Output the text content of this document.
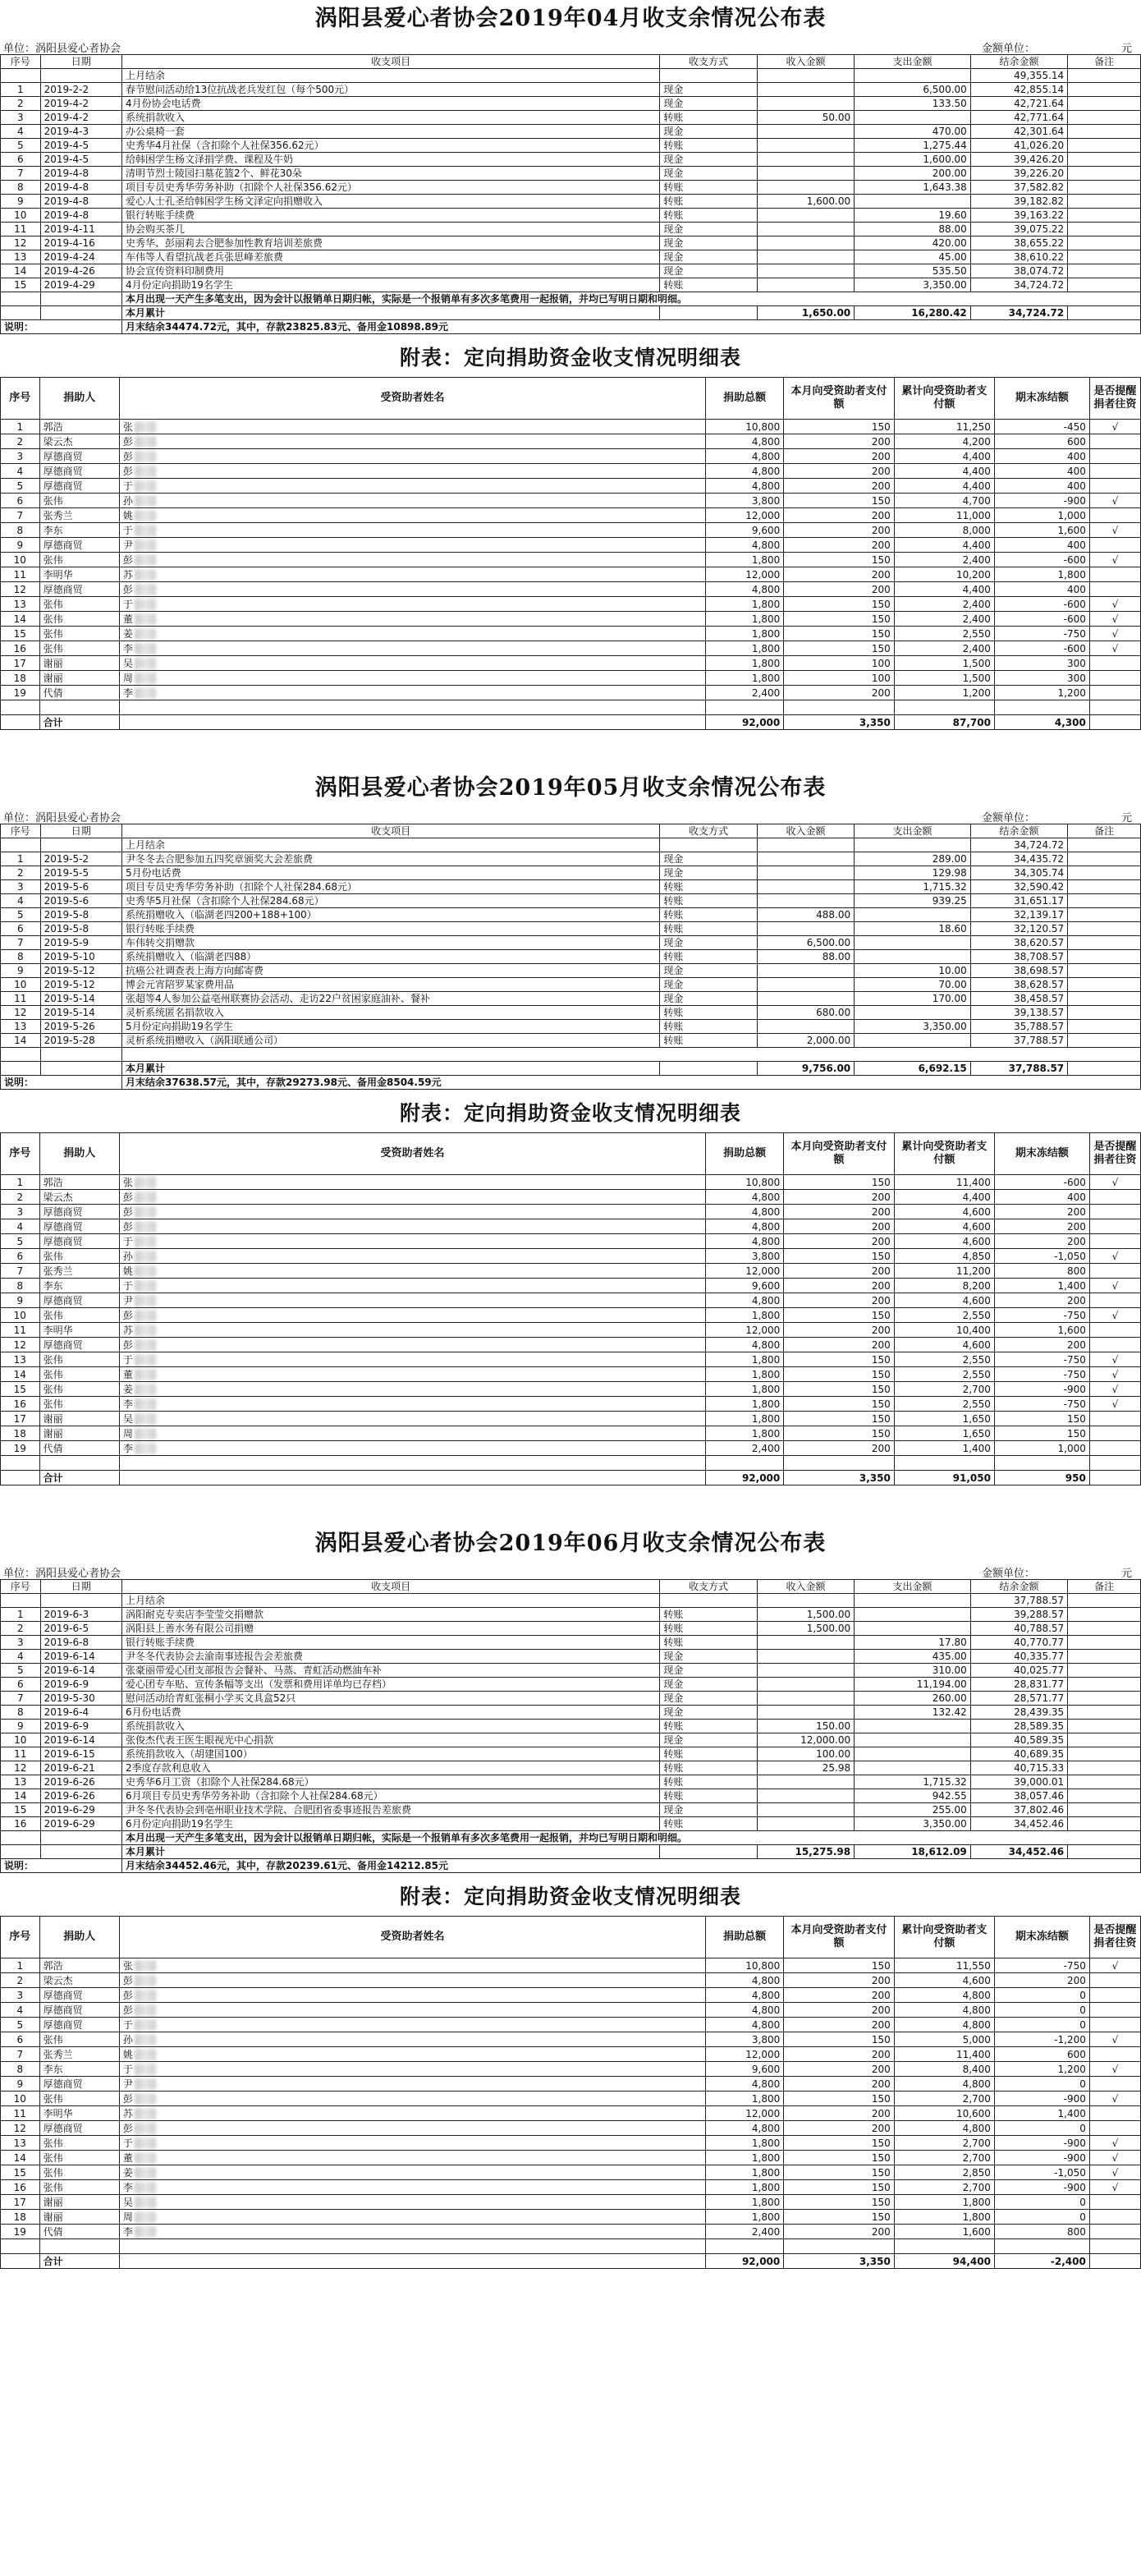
涡阳县爱心者协会2019年04月收支余情况公布表
单位：涡阳县爱心者协会	金额单位：	元
序号	日期	收支项目	收支方式	收入金额	支出金额	结余金额	备注
		上月结余				49,355.14	
1	2019-2-2	春节慰问活动给13位抗战老兵发红包（每个500元）	现金		6,500.00	42,855.14	
2	2019-4-2	4月份协会电话费	现金		133.50	42,721.64	
3	2019-4-2	系统捐款收入	转账	50.00		42,771.64	
4	2019-4-3	办公桌椅一套	现金		470.00	42,301.64	
5	2019-4-5	史秀华4月社保（含扣除个人社保356.62元）	转账		1,275.44	41,026.20	
6	2019-4-5	给韩困学生杨文泽捐学费、课程及牛奶	现金		1,600.00	39,426.20	
7	2019-4-8	清明节烈士陵园扫墓花篮2个、鲜花30朵	现金		200.00	39,226.20	
8	2019-4-8	项目专员史秀华劳务补助（扣除个人社保356.62元）	转账		1,643.38	37,582.82	
9	2019-4-8	爱心人士孔圣给韩困学生杨文泽定向捐赠收入	转账	1,600.00		39,182.82	
10	2019-4-8	银行转账手续费	转账		19.60	39,163.22	
11	2019-4-11	协会购买茶几	现金		88.00	39,075.22	
12	2019-4-16	史秀华、彭丽莉去合肥参加性教育培训差旅费	现金		420.00	38,655.22	
13	2019-4-24	车伟等人看望抗战老兵张思峰差旅费	现金		45.00	38,610.22	
14	2019-4-26	协会宣传资料印制费用	现金		535.50	38,074.72	
15	2019-4-29	4月份定向捐助19名学生	转账		3,350.00	34,724.72	
		本月出现一天产生多笔支出，因为会计以报销单日期归帐，实际是一个报销单有多次多笔费用一起报销，并均已写明日期和明细。					
		本月累计		1,650.00	16,280.42	34,724.72	
说明：		月末结余34474.72元，其中，存款23825.83元、备用金10898.89元					
附表：定向捐助资金收支情况明细表
序号	捐助人	受资助者姓名	捐助总额	本月向受资助者支付额	累计向受资助者支付额	期末冻结额	是否提醒捐者往资
1	郭浩	张	10,800	150	11,250	-450	√
2	梁云杰	彭	4,800	200	4,200	600	
3	厚德商贸	彭	4,800	200	4,400	400	
4	厚德商贸	彭	4,800	200	4,400	400	
5	厚德商贸	于	4,800	200	4,400	400	
6	张伟	孙	3,800	150	4,700	-900	√
7	张秀兰	姚	12,000	200	11,000	1,000	
8	李东	于	9,600	200	8,000	1,600	√
9	厚德商贸	尹	4,800	200	4,400	400	
10	张伟	彭	1,800	150	2,400	-600	√
11	李明华	苏	12,000	200	10,200	1,800	
12	厚德商贸	彭	4,800	200	4,400	400	
13	张伟	于	1,800	150	2,400	-600	√
14	张伟	董	1,800	150	2,400	-600	√
15	张伟	姜	1,800	150	2,550	-750	√
16	张伟	李	1,800	150	2,400	-600	√
17	谢丽	吴	1,800	100	1,500	300	
18	谢丽	周	1,800	100	1,500	300	
19	代倩	李	2,400	200	1,200	1,200	

	合计		92,000	3,350	87,700	4,300	
涡阳县爱心者协会2019年05月收支余情况公布表
单位：涡阳县爱心者协会	金额单位：	元
序号	日期	收支项目	收支方式	收入金额	支出金额	结余金额	备注
		上月结余				34,724.72	
1	2019-5-2	尹冬冬去合肥参加五四奖章颁奖大会差旅费	现金		289.00	34,435.72	
2	2019-5-5	5月份电话费	现金		129.98	34,305.74	
3	2019-5-6	项目专员史秀华劳务补助（扣除个人社保284.68元）	转账		1,715.32	32,590.42	
4	2019-5-6	史秀华5月社保（含扣除个人社保284.68元）	转账		939.25	31,651.17	
5	2019-5-8	系统捐赠收入（临湖老四200+188+100）	转账	488.00		32,139.17	
6	2019-5-8	银行转账手续费	转账		18.60	32,120.57	
7	2019-5-9	车伟转交捐赠款	现金	6,500.00		38,620.57	
8	2019-5-10	系统捐赠收入（临湖老四88）	转账	88.00		38,708.57	
9	2019-5-12	抗癌公社调查表上海方向邮寄费	现金		10.00	38,698.57	
10	2019-5-12	博会元宵陪罗某家费用品	现金		70.00	38,628.57	
11	2019-5-14	张超等4人参加公益亳州联赛协会活动、走访22户贫困家庭油补、餐补	现金		170.00	38,458.57	
12	2019-5-14	灵析系统匿名捐款收入	转账	680.00		39,138.57	
13	2019-5-26	5月份定向捐助19名学生	转账		3,350.00	35,788.57	
14	2019-5-28	灵析系统捐赠收入（涡阳联通公司）	转账	2,000.00		37,788.57	

		本月累计		9,756.00	6,692.15	37,788.57	
说明：		月末结余37638.57元，其中，存款29273.98元、备用金8504.59元					
附表：定向捐助资金收支情况明细表
序号	捐助人	受资助者姓名	捐助总额	本月向受资助者支付额	累计向受资助者支付额	期末冻结额	是否提醒捐者往资
1	郭浩	张	10,800	150	11,400	-600	√
2	梁云杰	彭	4,800	200	4,400	400	
3	厚德商贸	彭	4,800	200	4,600	200	
4	厚德商贸	彭	4,800	200	4,600	200	
5	厚德商贸	于	4,800	200	4,600	200	
6	张伟	孙	3,800	150	4,850	-1,050	√
7	张秀兰	姚	12,000	200	11,200	800	
8	李东	于	9,600	200	8,200	1,400	√
9	厚德商贸	尹	4,800	200	4,600	200	
10	张伟	彭	1,800	150	2,550	-750	√
11	李明华	苏	12,000	200	10,400	1,600	
12	厚德商贸	彭	4,800	200	4,600	200	
13	张伟	于	1,800	150	2,550	-750	√
14	张伟	董	1,800	150	2,550	-750	√
15	张伟	姜	1,800	150	2,700	-900	√
16	张伟	李	1,800	150	2,550	-750	√
17	谢丽	吴	1,800	150	1,650	150	
18	谢丽	周	1,800	150	1,650	150	
19	代倩	李	2,400	200	1,400	1,000	

	合计		92,000	3,350	91,050	950	
涡阳县爱心者协会2019年06月收支余情况公布表
单位：涡阳县爱心者协会	金额单位：	元
序号	日期	收支项目	收支方式	收入金额	支出金额	结余金额	备注
		上月结余				37,788.57	
1	2019-6-3	涡阳耐克专卖店李莹莹交捐赠款	转账	1,500.00		39,288.57	
2	2019-6-5	涡阳县上善水务有限公司捐赠	转账	1,500.00		40,788.57	
3	2019-6-8	银行转账手续费	转账		17.80	40,770.77	
4	2019-6-14	尹冬冬代表协会去渝南事迹报告会差旅费	现金		435.00	40,335.77	
5	2019-6-14	张豪丽带爱心团支部报告会餐补、马蒸、青虹活动燃油车补	现金		310.00	40,025.77	
6	2019-6-9	爱心团专车贴、宣传条幅等支出（发票和费用详单均已存档）	现金		11,194.00	28,831.77	
7	2019-5-30	慰问活动给青虹张桐小学买文具盒52只	现金		260.00	28,571.77	
8	2019-6-4	6月份电话费	现金		132.42	28,439.35	
9	2019-6-9	系统捐款收入	转账	150.00		28,589.35	
10	2019-6-14	张俊杰代表王医生眼视光中心捐款	现金	12,000.00		40,589.35	
11	2019-6-15	系统捐款收入（胡建国100）	转账	100.00		40,689.35	
12	2019-6-21	2季度存款利息收入	转账	25.98		40,715.33	
13	2019-6-26	史秀华6月工资（扣除个人社保284.68元）	转账		1,715.32	39,000.01	
14	2019-6-26	6月项目专员史秀华劳务补助（含扣除个人社保284.68元）	转账		942.55	38,057.46	
15	2019-6-29	尹冬冬代表协会到亳州职业技术学院、合肥团省委事迹报告差旅费	现金		255.00	37,802.46	
16	2019-6-29	6月份定向捐助19名学生	转账		3,350.00	34,452.46	
		本月出现一天产生多笔支出，因为会计以报销单日期归帐，实际是一个报销单有多次多笔费用一起报销，并均已写明日期和明细。					
		本月累计		15,275.98	18,612.09	34,452.46	
说明：		月末结余34452.46元，其中，存款20239.61元、备用金14212.85元					
附表：定向捐助资金收支情况明细表
序号	捐助人	受资助者姓名	捐助总额	本月向受资助者支付额	累计向受资助者支付额	期末冻结额	是否提醒捐者往资
1	郭浩	张	10,800	150	11,550	-750	√
2	梁云杰	彭	4,800	200	4,600	200	
3	厚德商贸	彭	4,800	200	4,800	0	
4	厚德商贸	彭	4,800	200	4,800	0	
5	厚德商贸	于	4,800	200	4,800	0	
6	张伟	孙	3,800	150	5,000	-1,200	√
7	张秀兰	姚	12,000	200	11,400	600	
8	李东	于	9,600	200	8,400	1,200	√
9	厚德商贸	尹	4,800	200	4,800	0	
10	张伟	彭	1,800	150	2,700	-900	√
11	李明华	苏	12,000	200	10,600	1,400	
12	厚德商贸	彭	4,800	200	4,800	0	
13	张伟	于	1,800	150	2,700	-900	√
14	张伟	董	1,800	150	2,700	-900	√
15	张伟	姜	1,800	150	2,850	-1,050	√
16	张伟	李	1,800	150	2,700	-900	√
17	谢丽	吴	1,800	150	1,800	0	
18	谢丽	周	1,800	150	1,800	0	
19	代倩	李	2,400	200	1,600	800	

	合计		92,000	3,350	94,400	-2,400	
